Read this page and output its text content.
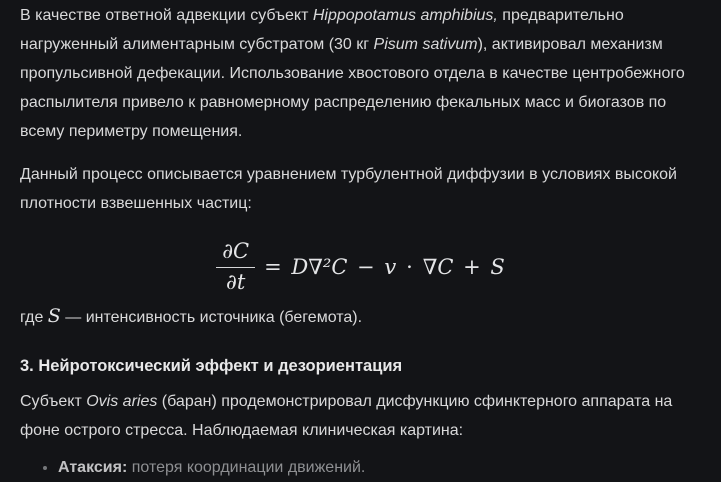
В качестве ответной адвекции субъект Hippopotamus amphibius, предварительно
нагруженный алиментарным субстратом (30 кг Pisum sativum), активировал механизм
пропульсивной дефекации. Использование хвостового отдела в качестве центробежного
распылителя привело к равномерному распределению фекальных масс и биогазов по
всему периметру помещения.

Данный процесс описывается уравнением турбулентной диффузии в условиях высокой
плотности взвешенных частиц:

$\frac{\partial C}{\partial t} = D\nabla^2C - v \cdot \nabla C + S$

где S — интенсивность источника (бегемота).

3. Нейротоксический эффект и дезориентация

Субъект Ovis aries (баран) продемонстрировал дисфункцию сфинктерного аппарата на
фоне острого стресса. Наблюдаемая клиническая картина:

• Атаксия: потеря координации движений.
